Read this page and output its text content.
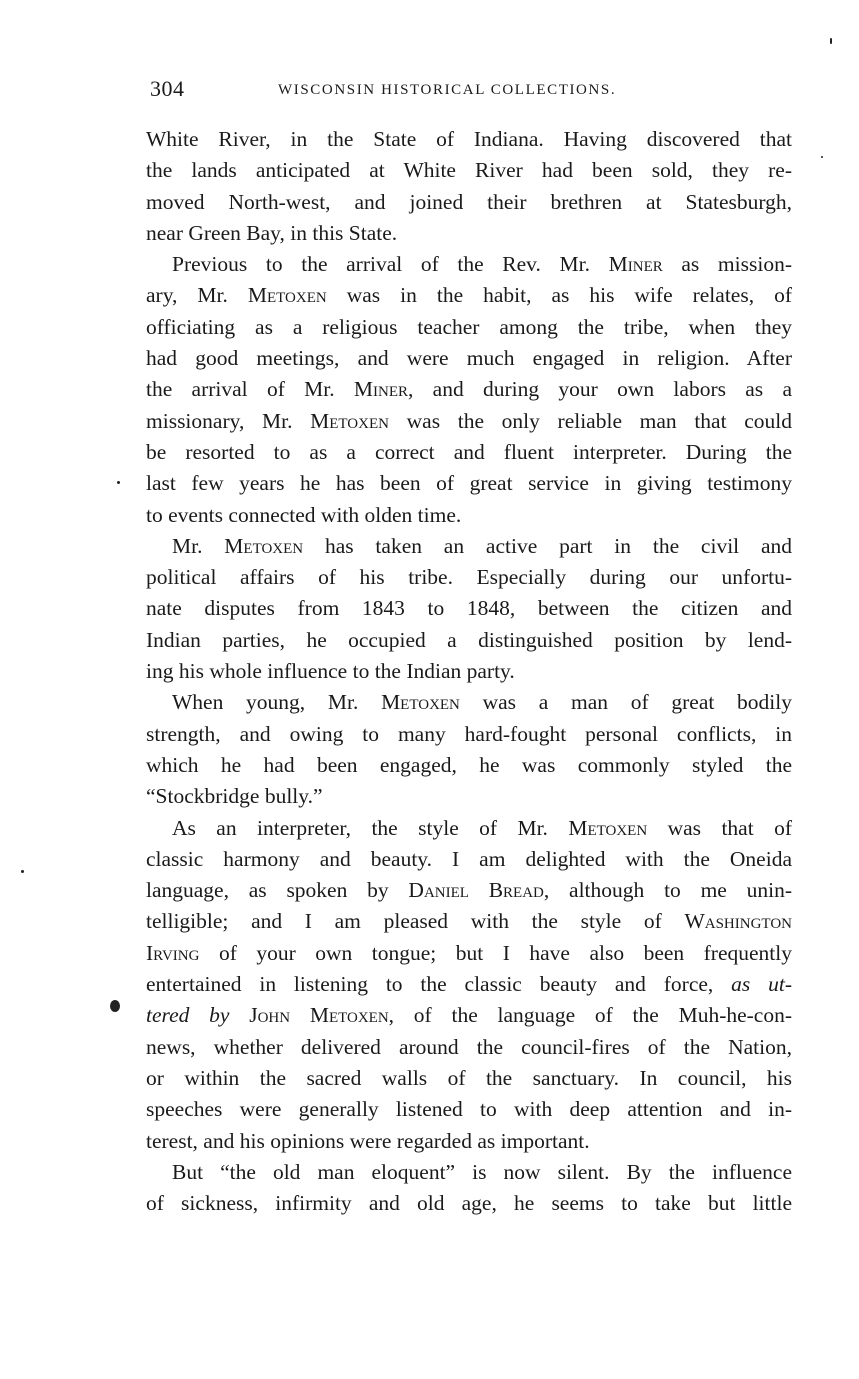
304	WISCONSIN HISTORICAL COLLECTIONS.
White River, in the State of Indiana. Having discovered that
the lands anticipated at White River had been sold, they re-
moved North-west, and joined their brethren at Statesburgh,
near Green Bay, in this State.
Previous to the arrival of the Rev. Mr. Miner as mission-
ary, Mr. Metoxen was in the habit, as his wife relates, of
officiating as a religious teacher among the tribe, when they
had good meetings, and were much engaged in religion. After
the arrival of Mr. Miner, and during your own labors as a
missionary, Mr. Metoxen was the only reliable man that could
be resorted to as a correct and fluent interpreter. During the
last few years he has been of great service in giving testimony
to events connected with olden time.
Mr. Metoxen has taken an active part in the civil and
political affairs of his tribe. Especially during our unfortu-
nate disputes from 1843 to 1848, between the citizen and
Indian parties, he occupied a distinguished position by lend-
ing his whole influence to the Indian party.
When young, Mr. Metoxen was a man of great bodily
strength, and owing to many hard-fought personal conflicts, in
which he had been engaged, he was commonly styled the
“Stockbridge bully.”
As an interpreter, the style of Mr. Metoxen was that of
classic harmony and beauty. I am delighted with the Oneida
language, as spoken by Daniel Bread, although to me unin-
telligible; and I am pleased with the style of Washington
Irving of your own tongue; but I have also been frequently
entertained in listening to the classic beauty and force, as ut-
tered by John Metoxen, of the language of the Muh-he-con-
news, whether delivered around the council-fires of the Nation,
or within the sacred walls of the sanctuary. In council, his
speeches were generally listened to with deep attention and in-
terest, and his opinions were regarded as important.
But “the old man eloquent” is now silent. By the influence
of sickness, infirmity and old age, he seems to take but little
